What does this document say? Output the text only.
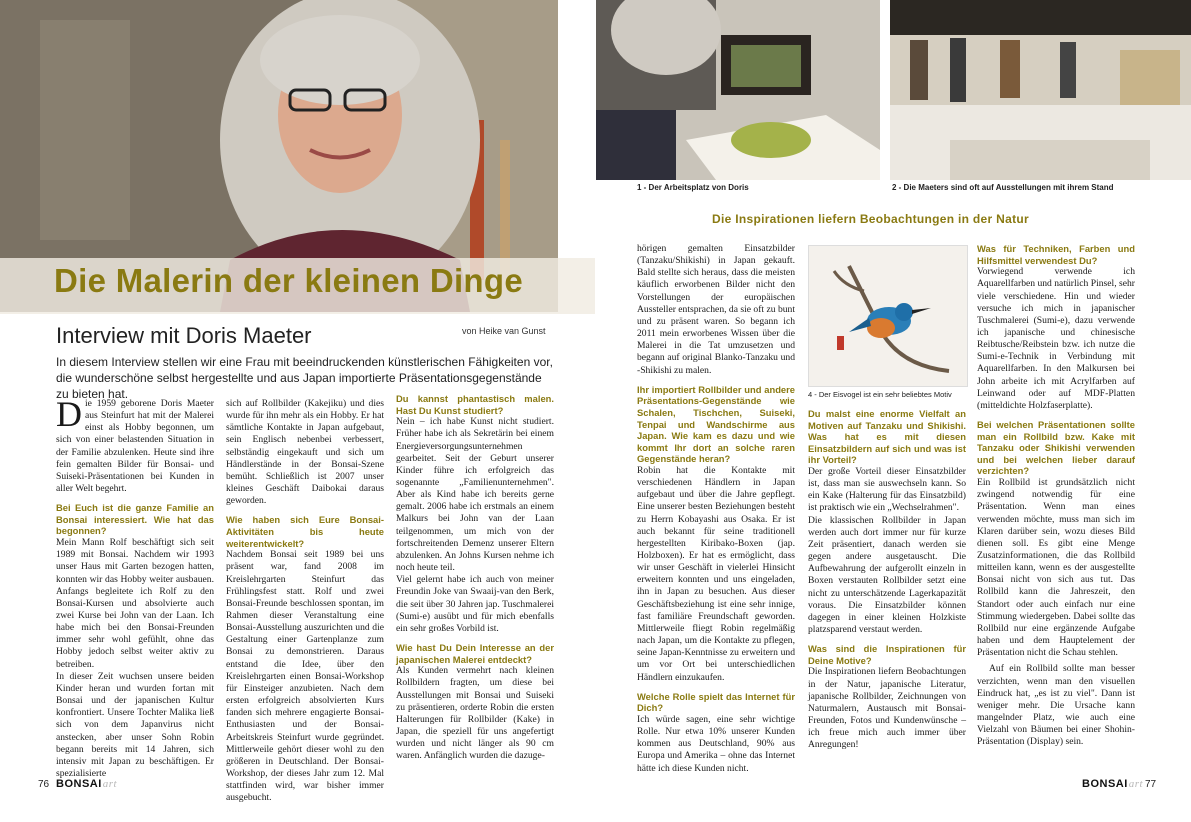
Die Malerin der kleinen Dinge
1 - Der Arbeitsplatz von Doris	2 - Die Maeters sind oft auf Ausstellungen mit ihrem Stand
Die Inspirationen liefern Beobachtungen in der Natur
Interview mit Doris Maeter	von Heike van Gunst
In diesem Interview stellen wir eine Frau mit beeindruckenden künstlerischen Fähigkeiten vor, die wunderschöne selbst hergestellte und aus Japan importierte Präsentationsgegenstände zu bieten hat.

Die 1959 geborene Doris Maeter aus Steinfurt hat mit der Malerei einst als Hobby begonnen, um sich von einer belastenden Situation in der Familie abzulenken. Heute sind ihre fein gemalten Bilder für Bonsai- und Suiseki-Präsentationen bei Kunden in aller Welt begehrt.

Bei Euch ist die ganze Familie an Bonsai interessiert. Wie hat das begonnen?

Mein Mann Rolf beschäftigt sich seit 1989 mit Bonsai. Nachdem wir 1993 unser Haus mit Garten bezogen hatten, konnten wir das Hobby weiter ausbauen. Anfangs begleitete ich Rolf zu den Bonsai-Kursen und absolvierte auch zwei Kurse bei John van der Laan. Ich habe mich bei den Bonsai-Freunden immer sehr wohl gefühlt, ohne das Hobby jedoch selbst weiter aktiv zu betreiben.

In dieser Zeit wuchsen unsere beiden Kinder heran und wurden fortan mit Bonsai und der japanischen Kultur konfrontiert. Unsere Tochter Malika ließ sich von dem Japanvirus nicht anstecken, aber unser Sohn Robin begann bereits mit 14 Jahren, sich intensiv mit Japan zu beschäftigen. Er spezialisierte

sich auf Rollbilder (Kakejiku) und dies wurde für ihn mehr als ein Hobby. Er hat sämtliche Kontakte in Japan aufgebaut, sein Englisch nebenbei verbessert, selbständig eingekauft und sich um Händlerstände in der Bonsai-Szene bemüht. Schließlich ist 2007 unser kleines Geschäft Daibokai daraus geworden.

Wie haben sich Eure Bonsai-Aktivitäten bis heute weiterentwickelt?

Nachdem Bonsai seit 1989 bei uns präsent war, fand 2008 im Kreislehrgarten Steinfurt das Frühlingsfest statt. Rolf und zwei Bonsai-Freunde beschlossen spontan, im Rahmen dieser Veranstaltung eine Bonsai-Ausstellung auszurichten und die Gestaltung einer Gartenplanze zum Bonsai zu demonstrieren. Daraus entstand die Idee, über den Kreislehrgarten einen Bonsai-Workshop für Einsteiger anzubieten. Nach dem ersten erfolgreich absolvierten Kurs fanden sich mehrere engagierte Bonsai-Enthusiasten und der Bonsai-Arbeitskreis Steinfurt wurde gegründet. Mittlerweile gehört dieser wohl zu den größeren in Deutschland. Der Bonsai-Workshop, der dieses Jahr zum 12. Mal stattfinden wird, war bisher immer ausgebucht.

Du kannst phantastisch malen. Hast Du Kunst studiert?

Nein – ich habe Kunst nicht studiert. Früher habe ich als Sekretärin bei einem Energieversorgungsunternehmen gearbeitet. Seit der Geburt unserer Kinder führe ich erfolgreich das sogenannte „Familienunternehmen". Aber als Kind habe ich bereits gerne gemalt. 2006 habe ich erstmals an einem Malkurs bei John van der Laan teilgenommen, um mich von der fortschreitenden Demenz unserer Eltern abzulenken. An Johns Kursen nehme ich noch heute teil.

Viel gelernt habe ich auch von meiner Freundin Joke van Swaaij-van den Berk, die seit über 30 Jahren jap. Tuschmalerei (Sumi-e) ausübt und für mich ebenfalls ein sehr großes Vorbild ist.

Wie hast Du Dein Interesse an der japanischen Malerei entdeckt?

Als Kunden vermehrt nach kleinen Rollbildern fragten, um diese bei Ausstellungen mit Bonsai und Suiseki zu präsentieren, orderte Robin die ersten Halterungen für Rollbilder (Kake) in Japan, die speziell für uns angefertigt wurden und nicht länger als 90 cm waren. Anfänglich wurden die dazuge-

hörigen gemalten Einsatzbilder (Tanzaku/Shikishi) in Japan gekauft. Bald stellte sich heraus, dass die meisten käuflich erworbenen Bilder nicht den Vorstellungen der europäischen Aussteller entsprachen, da sie oft zu bunt und zu präsent waren. So begann ich 2011 mein erworbenes Wissen über die Malerei in die Tat umzusetzen und begann auf original Blanko-Tanzaku und -Shikishi zu malen.

Ihr importiert Rollbilder und andere Präsentations-Gegenstände wie Schalen, Tischchen, Suiseki, Tenpai und Wandschirme aus Japan. Wie kam es dazu und wie kommt Ihr dort an solche raren Gegenstände heran?

Robin hat die Kontakte mit verschiedenen Händlern in Japan aufgebaut und über die Jahre gepflegt. Eine unserer besten Beziehungen besteht zu Herrn Kobayashi aus Osaka. Er ist auch bekannt für seine traditionell hergestellten Kiribako-Boxen (jap. Holzboxen). Er hat es ermöglicht, dass wir unser Geschäft in vielerlei Hinsicht erweitern konnten und uns eingeladen, ihn in Japan zu besuchen. Aus dieser Geschäftsbeziehung ist eine sehr innige, fast familiäre Freundschaft geworden. Mittlerweile fliegt Robin regelmäßig nach Japan, um die Kontakte zu pflegen, seine Japan-Kenntnisse zu erweitern und um vor Ort bei unterschiedlichen Händlern einzukaufen.

Welche Rolle spielt das Internet für Dich?

Ich würde sagen, eine sehr wichtige Rolle. Nur etwa 10% unserer Kunden kommen aus Deutschland, 90% aus Europa und Amerika – ohne das Internet hätte ich diese Kunden nicht.

4 - Der Eisvogel ist ein sehr beliebtes Motiv

Du malst eine enorme Vielfalt an Motiven auf Tanzaku und Shikishi. Was hat es mit diesen Einsatzbildern auf sich und was ist ihr Vorteil?

Der große Vorteil dieser Einsatzbilder ist, dass man sie auswechseln kann. So ein Kake (Halterung für das Einsatzbild) ist praktisch wie ein „Wechselrahmen".

Die klassischen Rollbilder in Japan werden auch dort immer nur für kurze Zeit präsentiert, danach werden sie gegen andere ausgetauscht. Die Aufbewahrung der aufgerollt einzeln in Boxen verstauten Rollbilder setzt eine nicht zu unterschätzende Lagerkapazität voraus. Die Einsatzbilder können dagegen in einer kleinen Holzkiste platzsparend verstaut werden.

Was sind die Inspirationen für Deine Motive?

Die Inspirationen liefern Beobachtungen in der Natur, japanische Literatur, japanische Rollbilder, Zeichnungen von Naturmalern, Austausch mit Bonsai-Freunden, Fotos und Kundenwünsche – ich freue mich auch immer über Anregungen!

Was für Techniken, Farben und Hilfsmittel verwendest Du?

Vorwiegend verwende ich Aquarellfarben und natürlich Pinsel, sehr viele verschiedene. Hin und wieder versuche ich mich in japanischer Tuschmalerei (Sumi-e), dazu verwende ich japanische und chinesische Reibtusche/Reibstein bzw. ich nutze die Sumi-e-Technik in Verbindung mit Aquarellfarben. In den Malkursen bei John arbeite ich mit Acrylfarben auf Leinwand oder auf MDF-Platten (mitteldichte Holzfaserplatte).

Bei welchen Präsentationen sollte man ein Rollbild bzw. Kake mit Tanzaku oder Shikishi verwenden und bei welchen lieber darauf verzichten?

Ein Rollbild ist grundsätzlich nicht zwingend notwendig für eine Präsentation. Wenn man eines verwenden möchte, muss man sich im Klaren darüber sein, wozu dieses Bild dienen soll. Es gibt eine Menge Zusatzinformationen, die das Rollbild mitteilen kann, wenn es der ausgestellte Bonsai nicht von sich aus tut. Das Rollbild kann die Jahreszeit, den Standort oder auch einfach nur eine Stimmung wiedergeben. Dabei sollte das Rollbild nur eine ergänzende Aufgabe haben und dem Hauptelement der Präsentation nicht die Schau stehlen.

Auf ein Rollbild sollte man besser verzichten, wenn man den visuellen Eindruck hat, „es ist zu viel". Dann ist weniger mehr. Die Ursache kann mangelnder Platz, wie auch eine Vielzahl von Bäumen bei einer Shohin-Präsentation (Display) sein.

76 BONSAIart	BONSAIart 77
